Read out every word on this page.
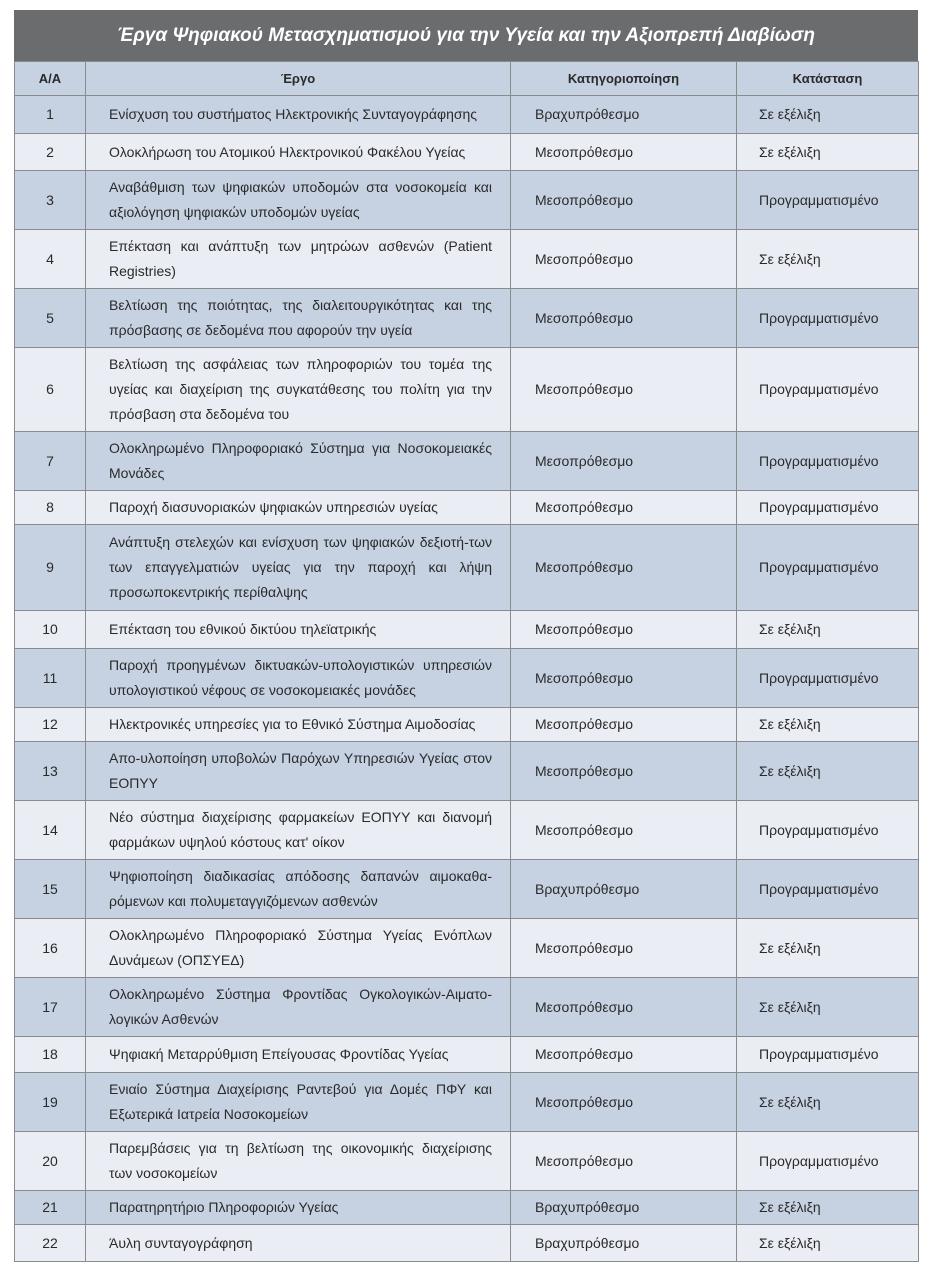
Έργα Ψηφιακού Μετασχηματισμού για την Υγεία και την Αξιοπρεπή Διαβίωση
Α/Α	Έργο	Κατηγοριοποίηση	Κατάσταση
1	Ενίσχυση του συστήματος Ηλεκτρονικής Συνταγογράφησης	Βραχυπρόθεσμο	Σε εξέλιξη
2	Ολοκλήρωση του Ατομικού Ηλεκτρονικού Φακέλου Υγείας	Μεσοπρόθεσμο	Σε εξέλιξη
3	Αναβάθμιση των ψηφιακών υποδομών στα νοσοκομεία και αξιολόγηση ψηφιακών υποδομών υγείας	Μεσοπρόθεσμο	Προγραμματισμένο
4	Επέκταση και ανάπτυξη των μητρώων ασθενών (Patient Registries)	Μεσοπρόθεσμο	Σε εξέλιξη
5	Βελτίωση της ποιότητας, της διαλειτουργικότητας και της πρόσβασης σε δεδομένα που αφορούν την υγεία	Μεσοπρόθεσμο	Προγραμματισμένο
6	Βελτίωση της ασφάλειας των πληροφοριών του τομέα της υγείας και διαχείριση της συγκατάθεσης του πολίτη για την πρόσβαση στα δεδομένα του	Μεσοπρόθεσμο	Προγραμματισμένο
7	Ολοκληρωμένο Πληροφοριακό Σύστημα για Νοσοκομειακές Μονάδες	Μεσοπρόθεσμο	Προγραμματισμένο
8	Παροχή διασυνοριακών ψηφιακών υπηρεσιών υγείας	Μεσοπρόθεσμο	Προγραμματισμένο
9	Ανάπτυξη στελεχών και ενίσχυση των ψηφιακών δεξιοτή-των των επαγγελματιών υγείας για την παροχή και λήψη προσωποκεντρικής περίθαλψης	Μεσοπρόθεσμο	Προγραμματισμένο
10	Επέκταση του εθνικού δικτύου τηλεϊατρικής	Μεσοπρόθεσμο	Σε εξέλιξη
11	Παροχή προηγμένων δικτυακών-υπολογιστικών υπηρεσιών υπολογιστικού νέφους σε νοσοκομειακές μονάδες	Μεσοπρόθεσμο	Προγραμματισμένο
12	Ηλεκτρονικές υπηρεσίες για το Εθνικό Σύστημα Αιμοδοσίας	Μεσοπρόθεσμο	Σε εξέλιξη
13	Απο-υλοποίηση υποβολών Παρόχων Υπηρεσιών Υγείας στον ΕΟΠΥΥ	Μεσοπρόθεσμο	Σε εξέλιξη
14	Νέο σύστημα διαχείρισης φαρμακείων ΕΟΠΥΥ και διανομή φαρμάκων υψηλού κόστους κατ' οίκον	Μεσοπρόθεσμο	Προγραμματισμένο
15	Ψηφιοποίηση διαδικασίας απόδοσης δαπανών αιμοκαθα-ρόμενων και πολυμεταγγιζόμενων ασθενών	Βραχυπρόθεσμο	Προγραμματισμένο
16	Ολοκληρωμένο Πληροφοριακό Σύστημα Υγείας Ενόπλων Δυνάμεων (ΟΠΣΥΕΔ)	Μεσοπρόθεσμο	Σε εξέλιξη
17	Ολοκληρωμένο Σύστημα Φροντίδας Ογκολογικών-Αιματο-λογικών Ασθενών	Μεσοπρόθεσμο	Σε εξέλιξη
18	Ψηφιακή Μεταρρύθμιση Επείγουσας Φροντίδας Υγείας	Μεσοπρόθεσμο	Προγραμματισμένο
19	Ενιαίο Σύστημα Διαχείρισης Ραντεβού για Δομές ΠΦΥ και Εξωτερικά Ιατρεία Νοσοκομείων	Μεσοπρόθεσμο	Σε εξέλιξη
20	Παρεμβάσεις για τη βελτίωση της οικονομικής διαχείρισης των νοσοκομείων	Μεσοπρόθεσμο	Προγραμματισμένο
21	Παρατηρητήριο Πληροφοριών Υγείας	Βραχυπρόθεσμο	Σε εξέλιξη
22	Άυλη συνταγογράφηση	Βραχυπρόθεσμο	Σε εξέλιξη
